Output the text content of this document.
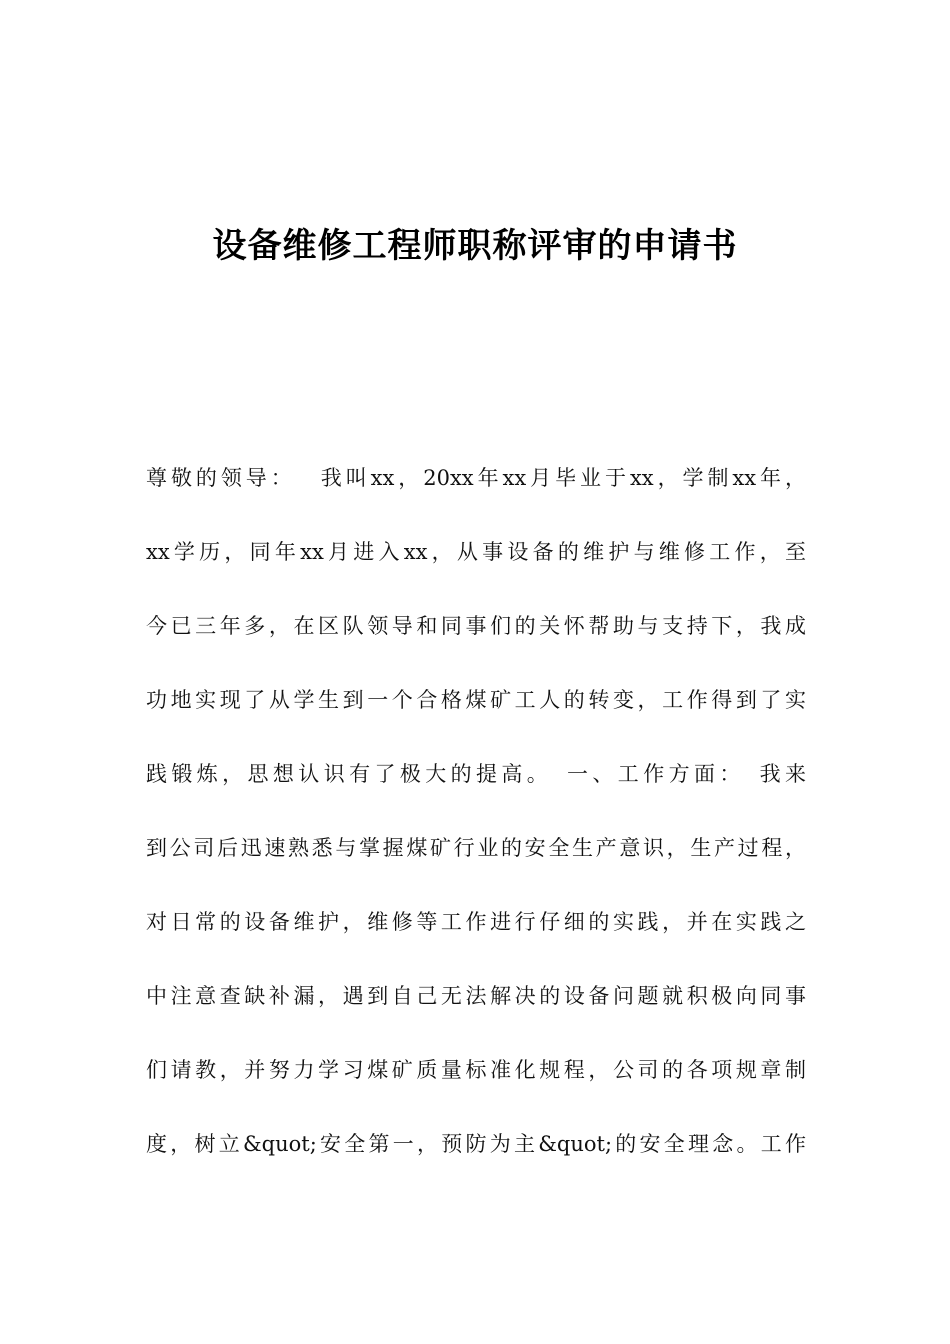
设备维修工程师职称评审的申请书
尊敬的领导：　 我叫xx，20xx年xx月毕业于xx，学制xx年，
xx学历，同年xx月进入xx，从事设备的维护与维修工作，至
今已三年多，在区队领导和同事们的关怀帮助与支持下，我成
功地实现了从学生到一个合格煤矿工人的转变，工作得到了实
践锻炼，思想认识有了极大的提高。　一、工作方面：　我来
到公司后迅速熟悉与掌握煤矿行业的安全生产意识，生产过程，
对日常的设备维护，维修等工作进行仔细的实践，并在实践之
中注意查缺补漏，遇到自己无法解决的设备问题就积极向同事
们请教，并努力学习煤矿质量标准化规程，公司的各项规章制
度，树立&quot;安全第一，预防为主&quot;的安全理念。工作
